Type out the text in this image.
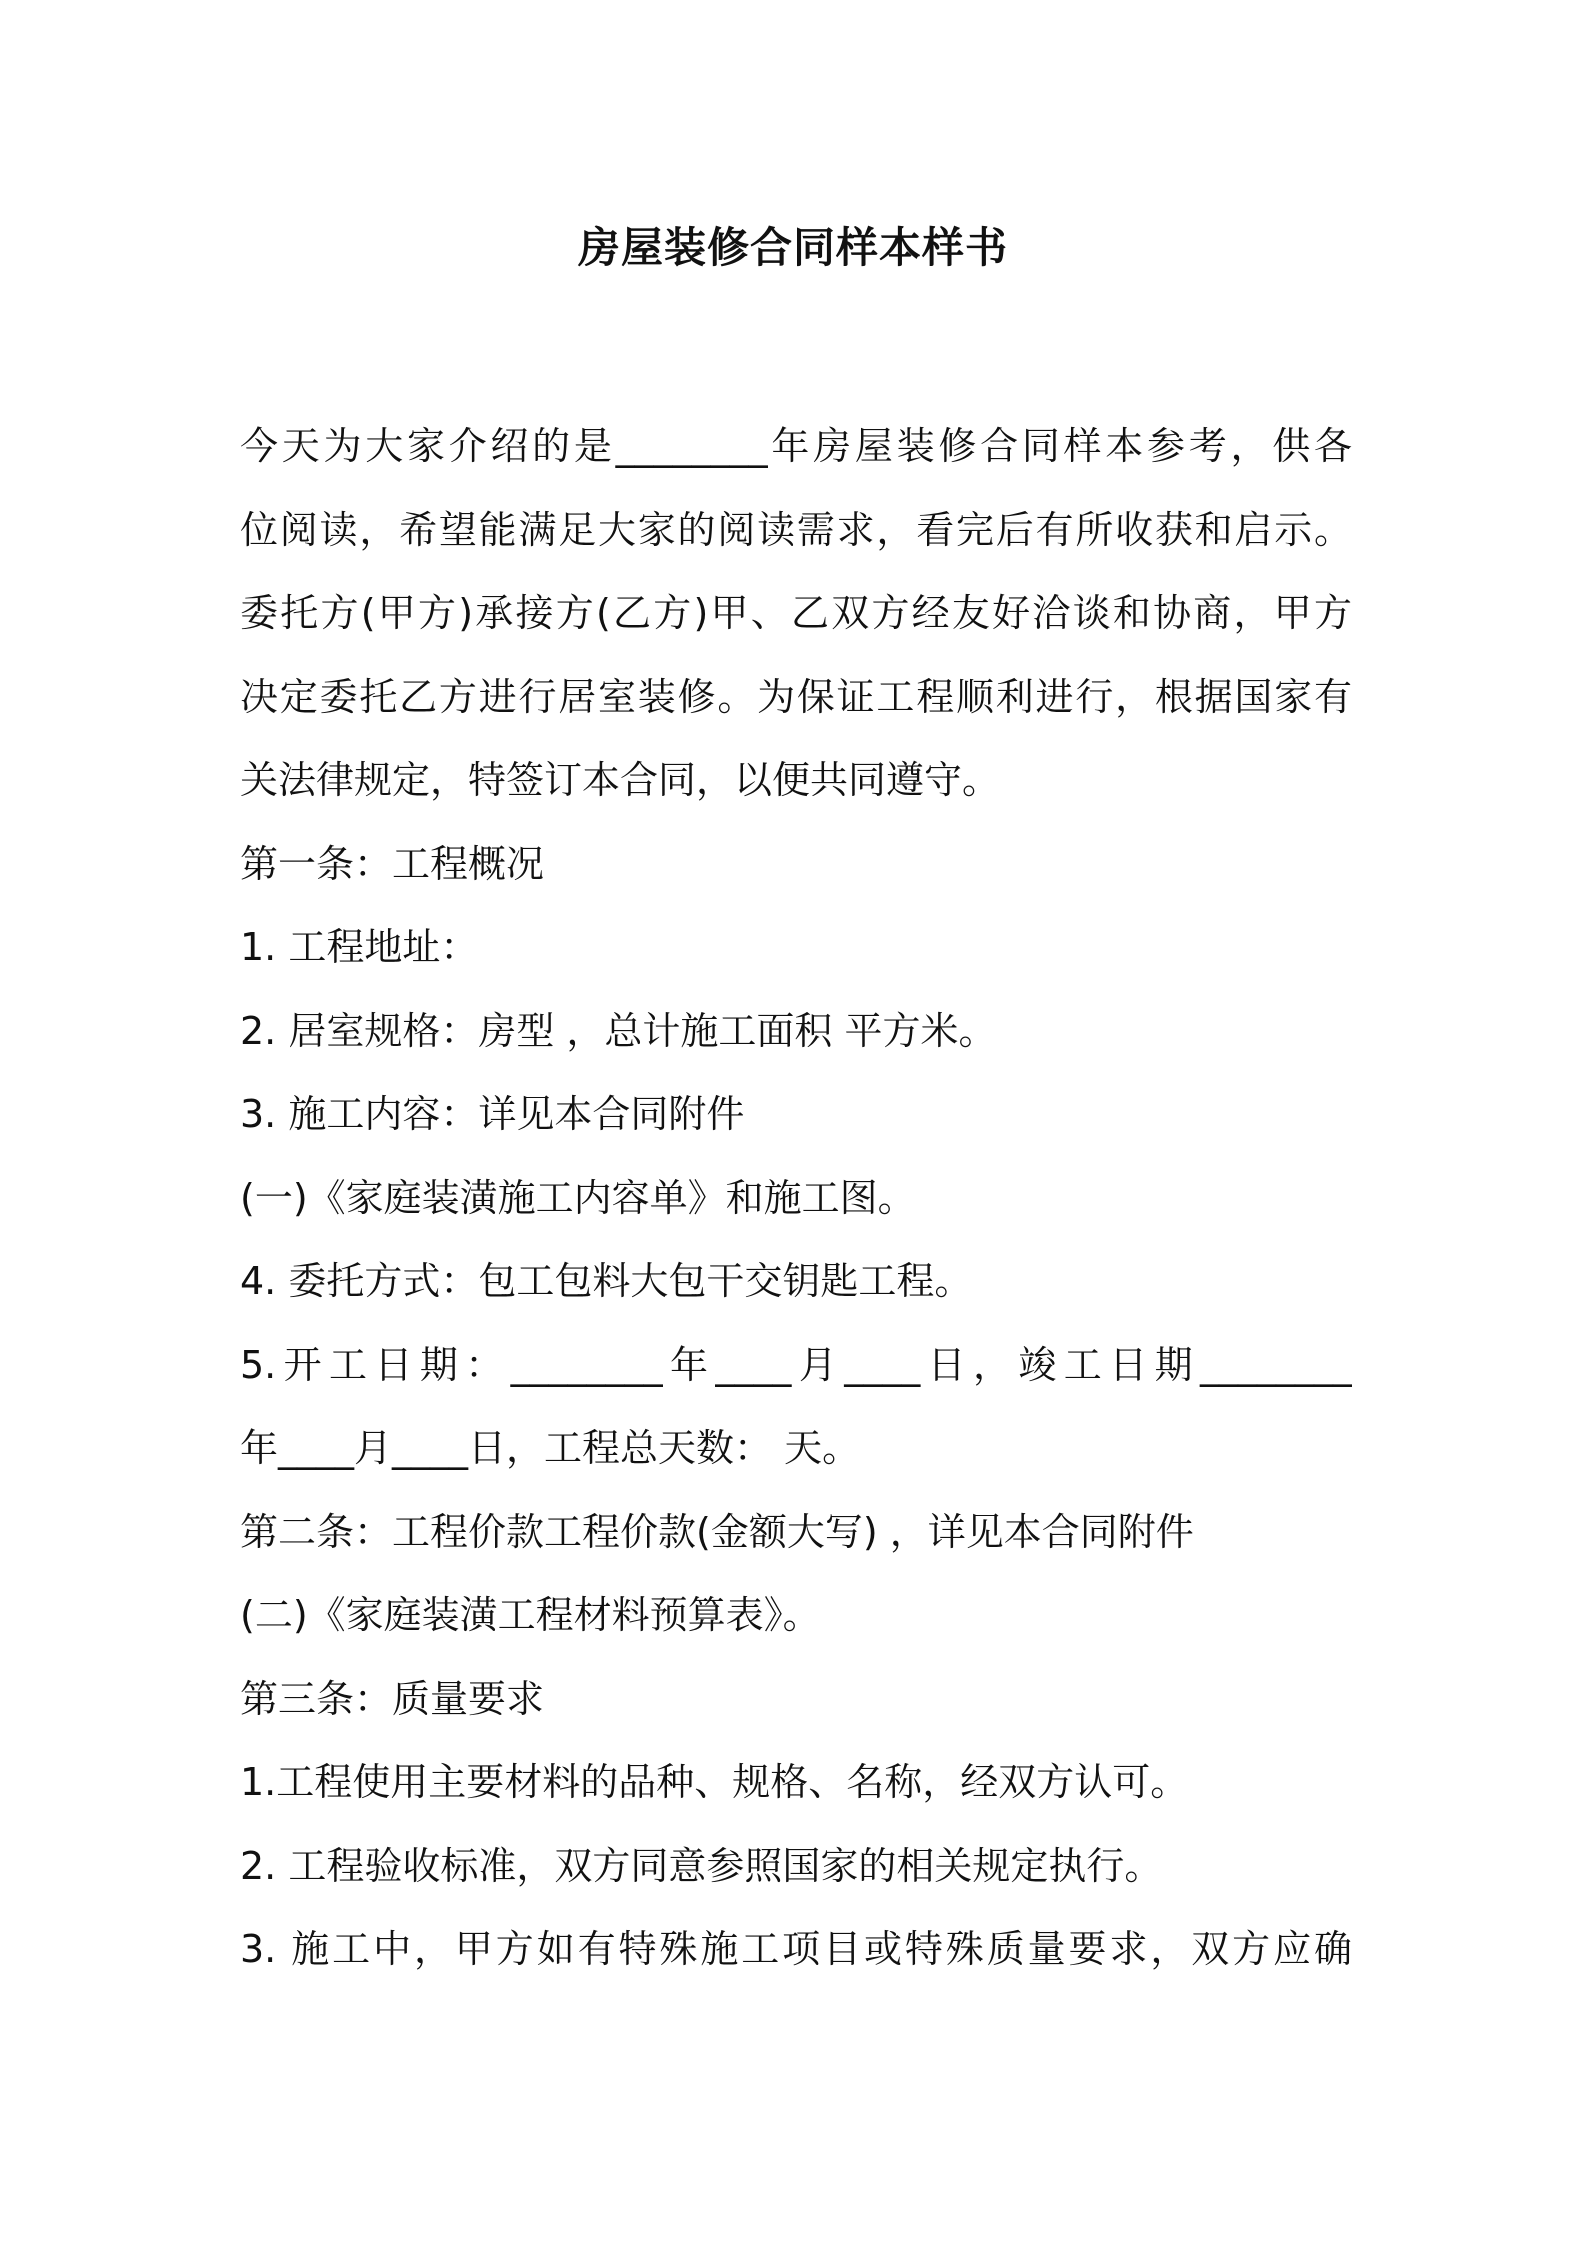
房屋装修合同样本样书
今天为大家介绍的是________年房屋装修合同样本参考，供各
位阅读，希望能满足大家的阅读需求，看完后有所收获和启示。
委托方(甲方)承接方(乙方)甲、乙双方经友好洽谈和协商，甲方
决定委托乙方进行居室装修。为保证工程顺利进行，根据国家有
关法律规定，特签订本合同，以便共同遵守。
第一条：工程概况
1. 工程地址：
2. 居室规格：房型 ，总计施工面积 平方米。
3. 施工内容：详见本合同附件
(一)《家庭装潢施工内容单》和施工图。
4. 委托方式：包工包料大包干交钥匙工程。
5.开工日期：________年____月____日，竣工日期________
年____月____日，工程总天数： 天。
第二条：工程价款工程价款(金额大写) ，详见本合同附件
(二)《家庭装潢工程材料预算表》。
第三条：质量要求
1.工程使用主要材料的品种、规格、名称，经双方认可。
2. 工程验收标准，双方同意参照国家的相关规定执行。
3. 施工中，甲方如有特殊施工项目或特殊质量要求，双方应确
